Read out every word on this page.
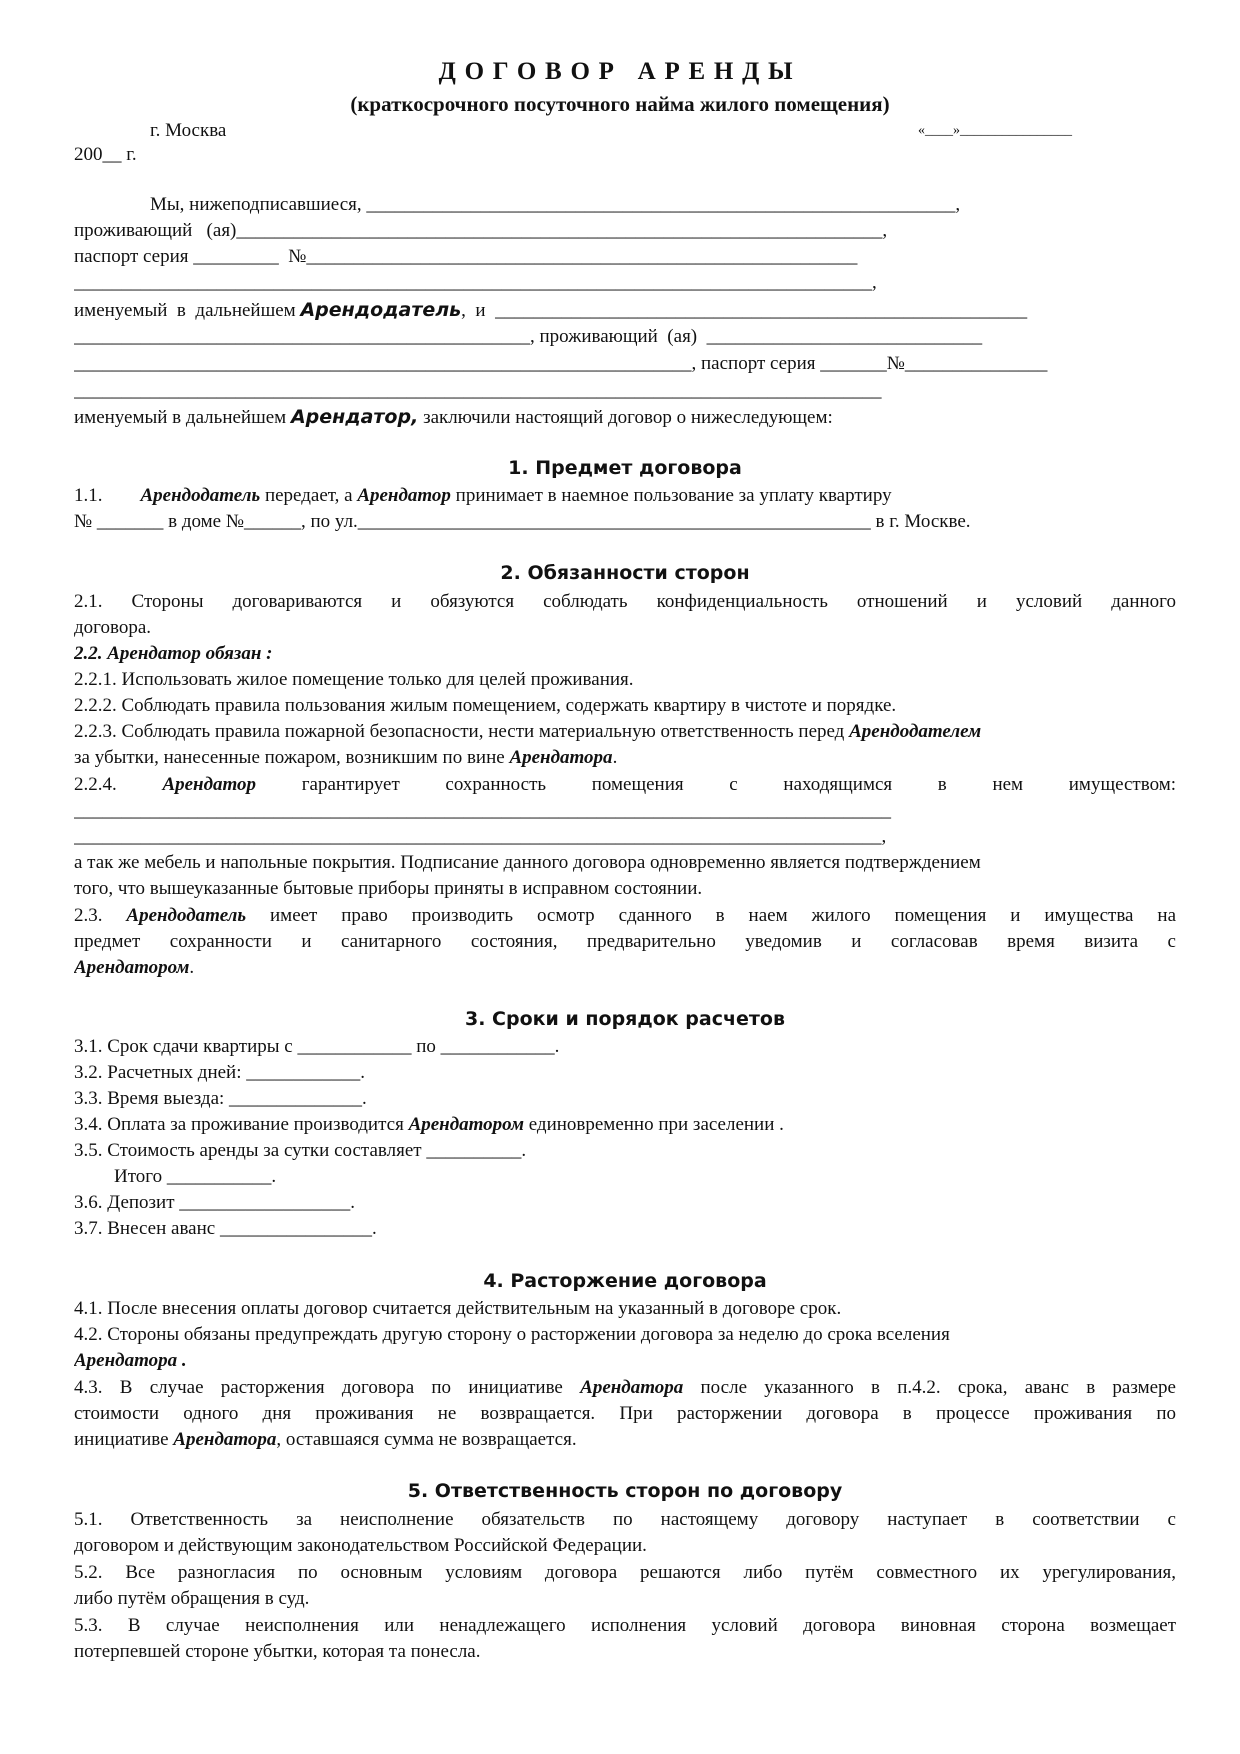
ДОГОВОР АРЕНДЫ
(краткосрочного посуточного найма жилого помещения)
г. Москва	«____»________________
200__ г.
Мы, нижеподписавшиеся, ______________________________________________________________,
проживающий   (ая)____________________________________________________________________,
паспорт серия _________  №__________________________________________________________
____________________________________________________________________________________,
именуемый  в  дальнейшем Арендодатель,  и  ________________________________________________________
________________________________________________, проживающий  (ая)  _____________________________
_________________________________________________________________, паспорт серия _______№_______________
_____________________________________________________________________________________
именуемый в дальнейшем Арендатор, заключили настоящий договор о нижеследующем:
1. Предмет договора
1.1.        Арендодатель передает, а Арендатор принимает в наемное пользование за уплату квартиру
№ _______ в доме №______, по ул.______________________________________________________ в г. Москве.
2. Обязанности сторон
2.1. Стороны договариваются и обязуются соблюдать конфиденциальность отношений и условий данного
договора.
2.2. Арендатор обязан :
2.2.1. Использовать жилое помещение только для целей проживания.
2.2.2. Соблюдать правила пользования жилым помещением, содержать квартиру в чистоте и порядке.
2.2.3. Соблюдать правила пожарной безопасности, нести материальную ответственность перед Арендодателем
за убытки, нанесенные пожаром, возникшим по вине Арендатора.
2.2.4. Арендатор гарантирует сохранность помещения с находящимся в нем имуществом:
______________________________________________________________________________________
_____________________________________________________________________________________,
а так же мебель и напольные покрытия. Подписание данного договора одновременно является подтверждением
того, что вышеуказанные бытовые приборы приняты в исправном состоянии.
2.3. Арендодатель имеет право производить осмотр сданного в наем жилого помещения и имущества на
предмет сохранности и санитарного состояния, предварительно уведомив и согласовав время визита с
Арендатором.
3. Сроки и порядок расчетов
3.1. Срок сдачи квартиры с ____________ по ____________.
3.2. Расчетных дней: ____________.
3.3. Время выезда: ______________.
3.4. Оплата за проживание производится Арендатором единовременно при заселении .
3.5. Стоимость аренды за сутки составляет __________.
Итого ___________.
3.6. Депозит __________________.
3.7. Внесен аванс ________________.
4. Расторжение договора
4.1. После внесения оплаты договор считается действительным на указанный в договоре срок.
4.2. Стороны обязаны предупреждать другую сторону о расторжении договора за неделю до срока вселения
Арендатора .
4.3. В случае расторжения договора по инициативе Арендатора после указанного в п.4.2. срока, аванс в размере
стоимости одного дня проживания не возвращается. При расторжении договора в процессе проживания по
инициативе Арендатора, оставшаяся сумма не возвращается.
5. Ответственность сторон по договору
5.1. Ответственность за неисполнение обязательств по настоящему договору наступает в соответствии с
договором и действующим законодательством Российской Федерации.
5.2. Все разногласия по основным условиям договора решаются либо путём совместного их урегулирования,
либо путём обращения в суд.
5.3. В случае неисполнения или ненадлежащего исполнения условий договора виновная сторона возмещает
потерпевшей стороне убытки, которая та понесла.
